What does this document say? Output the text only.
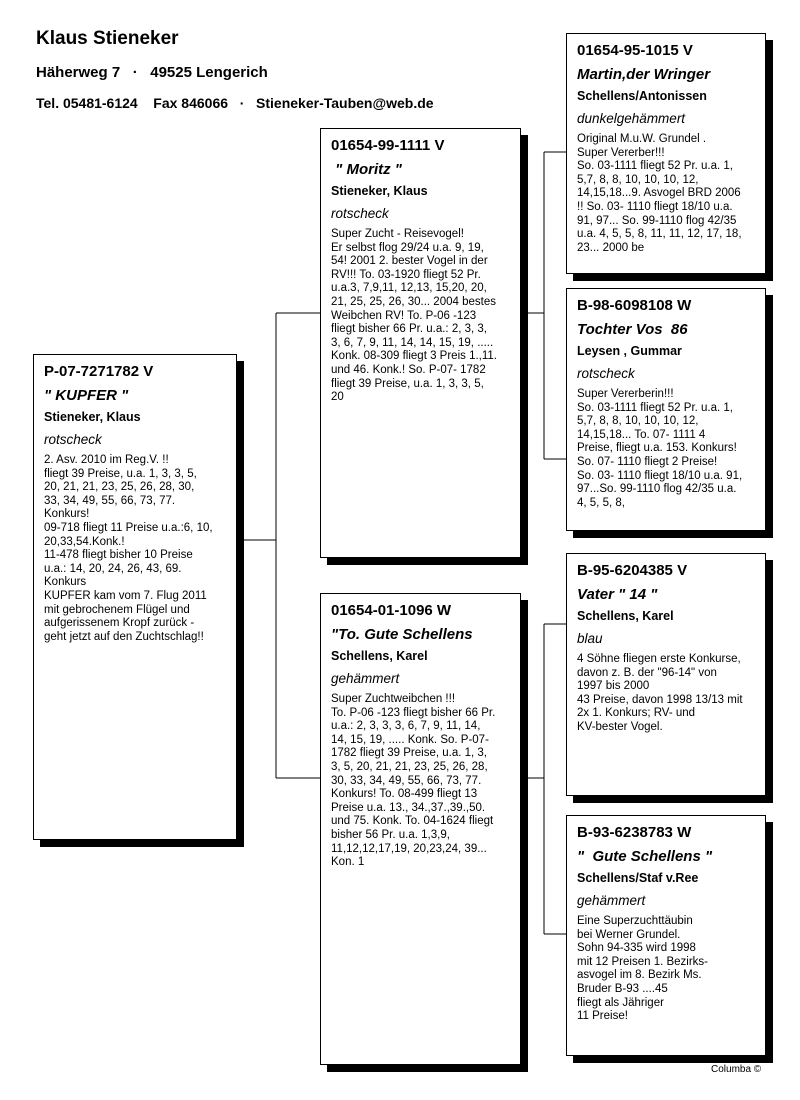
Klaus Stieneker
Häherweg 7 · 49525 Lengerich
Tel. 05481-6124 Fax 846066 · Stieneker-Tauben@web.de
P-07-7271782 V
" KUPFER "
Stieneker, Klaus
rotscheck
2. Asv. 2010 im Reg.V. !!
fliegt 39 Preise, u.a. 1, 3, 3, 5,
20, 21, 21, 23, 25, 26, 28, 30,
33, 34, 49, 55, 66, 73, 77.
Konkurs!
09-718 fliegt 11 Preise u.a.:6, 10,
20,33,54.Konk.!
11-478 fliegt bisher 10 Preise
u.a.: 14, 20, 24, 26, 43, 69.
Konkurs
KUPFER kam vom 7. Flug 2011
mit gebrochenem Flügel und
aufgerissenem Kropf zurück -
geht jetzt auf den Zuchtschlag!!
01654-99-1111 V
" Moritz "
Stieneker, Klaus
rotscheck
Super Zucht - Reisevogel!
Er selbst flog 29/24 u.a. 9, 19,
54! 2001 2. bester Vogel in der
RV!!! To. 03-1920 fliegt 52 Pr.
u.a.3, 7,9,11, 12,13, 15,20, 20,
21, 25, 25, 26, 30... 2004 bestes
Weibchen RV! To. P-06 -123
fliegt bisher 66 Pr. u.a.: 2, 3, 3,
3, 6, 7, 9, 11, 14, 14, 15, 19, .....
Konk. 08-309 fliegt 3 Preis 1.,11.
und 46. Konk.! So. P-07- 1782
fliegt 39 Preise, u.a. 1, 3, 3, 5,
20
01654-01-1096 W
"To. Gute Schellens
Schellens, Karel
gehämmert
Super Zuchtweibchen !!!
To. P-06 -123 fliegt bisher 66 Pr.
u.a.: 2, 3, 3, 3, 6, 7, 9, 11, 14,
14, 15, 19, ..... Konk. So. P-07-
1782 fliegt 39 Preise, u.a. 1, 3,
3, 5, 20, 21, 21, 23, 25, 26, 28,
30, 33, 34, 49, 55, 66, 73, 77.
Konkurs! To. 08-499 fliegt 13
Preise u.a. 13., 34.,37.,39.,50.
und 75. Konk. To. 04-1624 fliegt
bisher 56 Pr. u.a. 1,3,9,
11,12,12,17,19, 20,23,24, 39...
Kon. 1
01654-95-1015 V
Martin,der Wringer
Schellens/Antonissen
dunkelgehämmert
Original M.u.W. Grundel .
Super Vererber!!!
So. 03-1111 fliegt 52 Pr. u.a. 1,
5,7, 8, 8, 10, 10, 10, 12,
14,15,18...9. Asvogel BRD 2006
!! So. 03- 1110 fliegt 18/10 u.a.
91, 97... So. 99-1110 flog 42/35
u.a. 4, 5, 5, 8, 11, 11, 12, 17, 18,
23... 2000 be
B-98-6098108 W
Tochter Vos  86
Leysen , Gummar
rotscheck
Super Vererberin!!!
So. 03-1111 fliegt 52 Pr. u.a. 1,
5,7, 8, 8, 10, 10, 10, 12,
14,15,18... To. 07- 1111 4
Preise, fliegt u.a. 153. Konkurs!
So. 07- 1110 fliegt 2 Preise!
So. 03- 1110 fliegt 18/10 u.a. 91,
97...So. 99-1110 flog 42/35 u.a.
4, 5, 5, 8,
B-95-6204385 V
Vater " 14 "
Schellens, Karel
blau
4 Söhne fliegen erste Konkurse,
davon z. B. der "96-14" von
1997 bis 2000
43 Preise, davon 1998 13/13 mit
2x 1. Konkurs; RV- und
KV-bester Vogel.
B-93-6238783 W
"  Gute Schellens "
Schellens/Staf v.Ree
gehämmert
Eine Superzuchttäubin
bei Werner Grundel.
Sohn 94-335 wird 1998
mit 12 Preisen 1. Bezirks-
asvogel im 8. Bezirk Ms.
Bruder B-93 ....45
fliegt als Jähriger
11 Preise!
Columba ©
